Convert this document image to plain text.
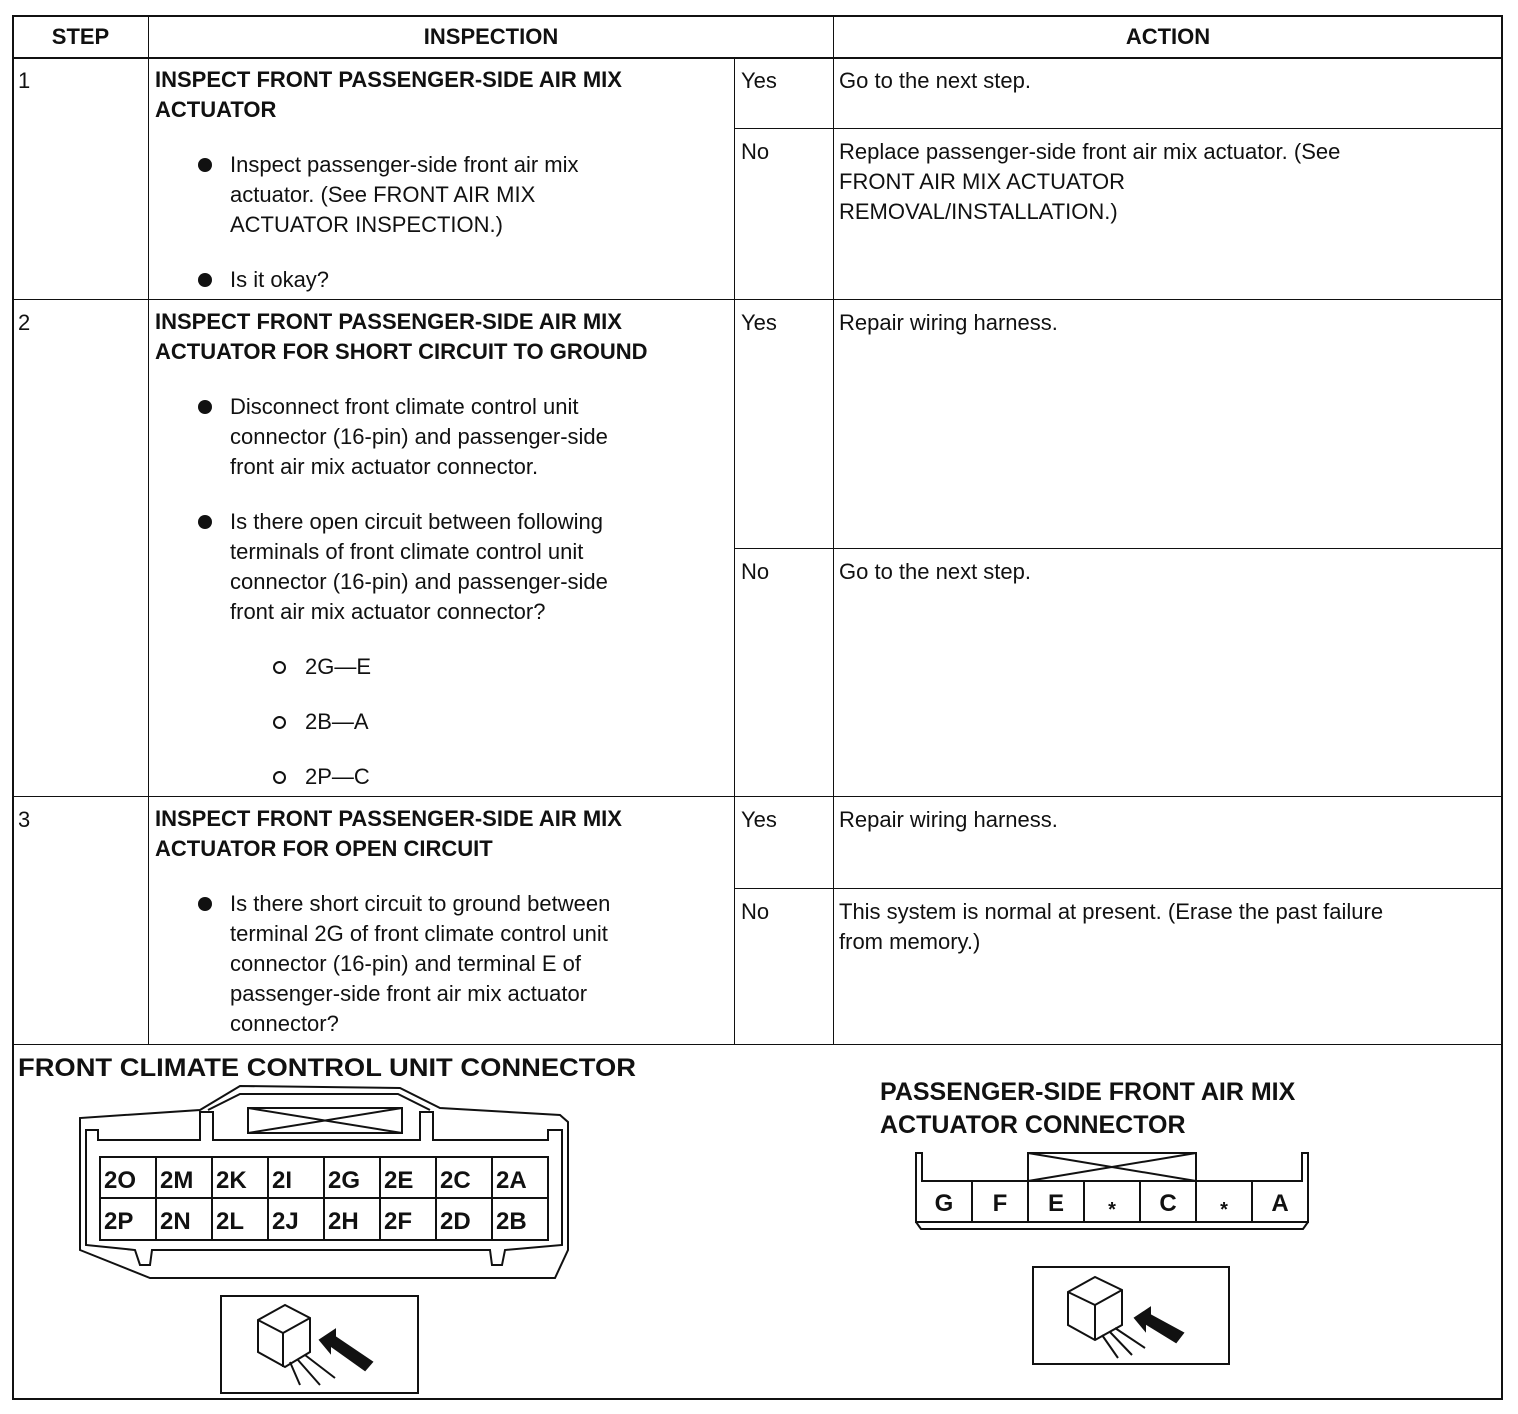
STEP	INSPECTION	ACTION
1	INSPECT FRONT PASSENGER-SIDE AIR MIX
ACTUATOR
Inspect passenger-side front air mix
actuator. (See FRONT AIR MIX
ACTUATOR INSPECTION.)
Is it okay?
Yes	Go to the next step.
No	Replace passenger-side front air mix actuator. (See
FRONT AIR MIX ACTUATOR
REMOVAL/INSTALLATION.)
2	INSPECT FRONT PASSENGER-SIDE AIR MIX
ACTUATOR FOR SHORT CIRCUIT TO GROUND
Disconnect front climate control unit
connector (16-pin) and passenger-side
front air mix actuator connector.
Is there open circuit between following
terminals of front climate control unit
connector (16-pin) and passenger-side
front air mix actuator connector?
2G—E
2B—A
2P—C
Yes	Repair wiring harness.
No	Go to the next step.
3	INSPECT FRONT PASSENGER-SIDE AIR MIX
ACTUATOR FOR OPEN CIRCUIT
Is there short circuit to ground between
terminal 2G of front climate control unit
connector (16-pin) and terminal E of
passenger-side front air mix actuator
connector?
Yes	Repair wiring harness.
No	This system is normal at present. (Erase the past failure
from memory.)
FRONT CLIMATE CONTROL UNIT CONNECTOR
2O 2M 2K 2I 2G 2E 2C 2A
2P 2N 2L 2J 2H 2F 2D 2B
PASSENGER-SIDE FRONT AIR MIX
ACTUATOR CONNECTOR
G F E * C * A
